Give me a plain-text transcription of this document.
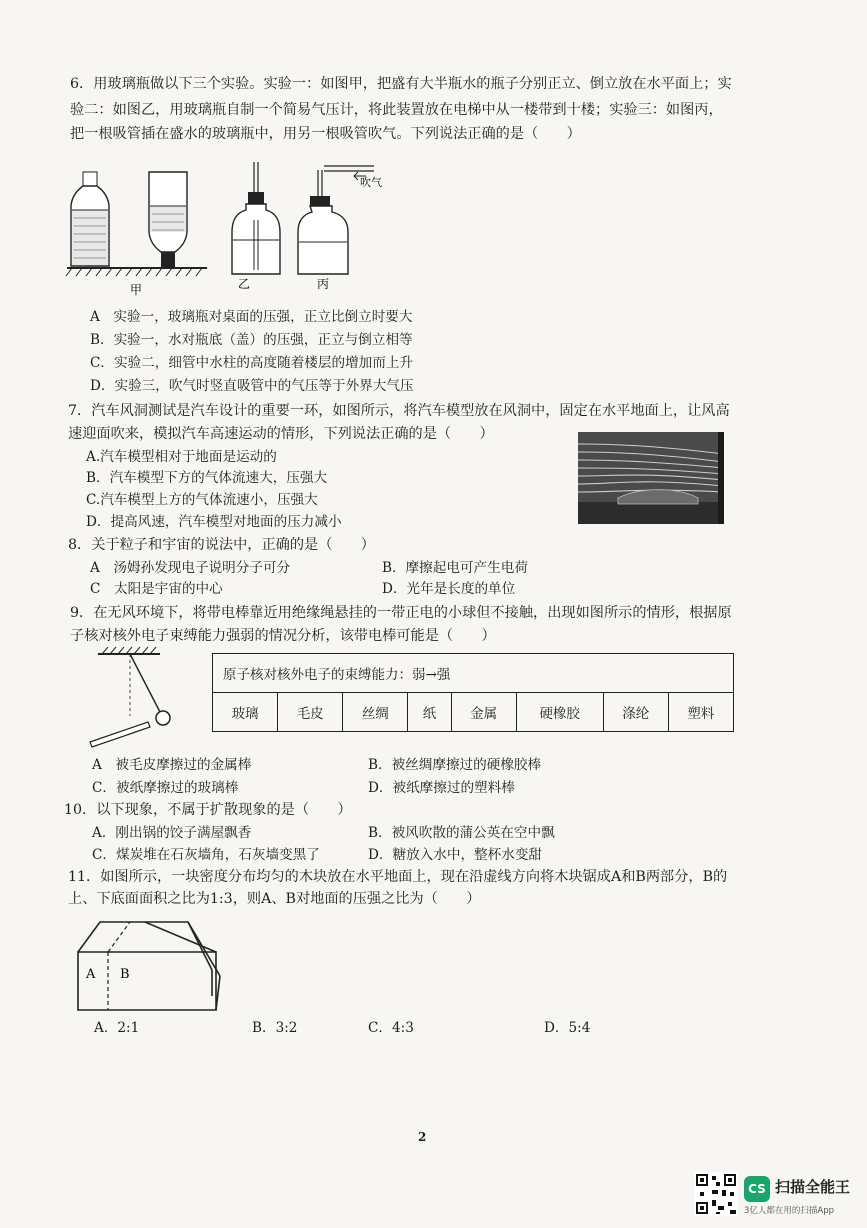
6．用玻璃瓶做以下三个实验。实验一：如图甲，把盛有大半瓶水的瓶子分别正立、倒立放在水平面上；实
验二：如图乙，用玻璃瓶自制一个简易气压计，将此装置放在电梯中从一楼带到十楼；实验三：如图丙，
把一根吸管插在盛水的玻璃瓶中，用另一根吸管吹气。下列说法正确的是（　　）
甲	乙
吹气
丙
A　实验一，玻璃瓶对桌面的压强，正立比倒立时要大
B．实验一，水对瓶底（盖）的压强，正立与倒立相等
C．实验二，细管中水柱的高度随着楼层的增加而上升
D．实验三，吹气时竖直吸管中的气压等于外界大气压
7．汽车风洞测试是汽车设计的重要一环，如图所示，将汽车模型放在风洞中，固定在水平地面上，让风高
速迎面吹来，模拟汽车高速运动的情形，下列说法正确的是（　　）
A.汽车模型相对于地面是运动的
B．汽车模型下方的气体流速大，压强大
C.汽车模型上方的气体流速小，压强大
D．提高风速，汽车模型对地面的压力减小
8．关于粒子和宇宙的说法中，正确的是（　　）
A　汤姆孙发现电子说明分子可分	B．摩擦起电可产生电荷
C　太阳是宇宙的中心	D．光年是长度的单位
9．在无风环境下，将带电棒靠近用绝缘绳悬挂的一带正电的小球但不接触，出现如图所示的情形，根据原
子核对核外电子束缚能力强弱的情况分析，该带电棒可能是（　　）
原子核对核外电子的束缚能力：弱→强
玻璃	毛皮	丝绸	纸	金属	硬橡胶	涤纶	塑料
A　被毛皮摩擦过的金属棒	B．被丝绸摩擦过的硬橡胶棒
C．被纸摩擦过的玻璃棒	D．被纸摩擦过的塑料棒
10．以下现象，不属于扩散现象的是（　　）
A．刚出锅的饺子满屋飘香	B．被风吹散的蒲公英在空中飘
C．煤炭堆在石灰墙角，石灰墙变黑了	D．糖放入水中，整杯水变甜
11．如图所示，一块密度分布均匀的木块放在水平地面上，现在沿虚线方向将木块锯成A和B两部分，B的
上、下底面面积之比为1:3，则A、B对地面的压强之比为（　　）
A B
A．2:1	B．3:2	C．4:3	D．5:4
2
CS 扫描全能王
3亿人都在用的扫描App
